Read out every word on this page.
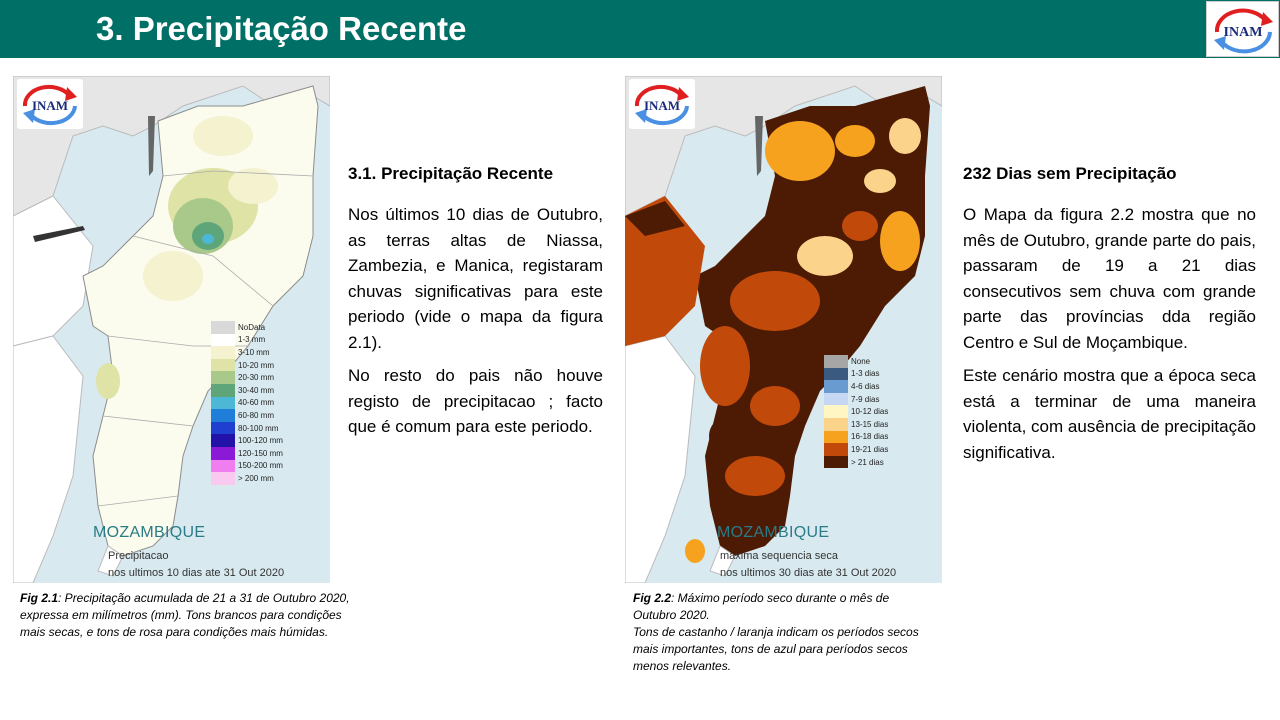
3. Precipitação Recente	INAM
INAM
NoData
1-3 mm
3-10 mm
10-20 mm
20-30 mm
30-40 mm
40-60 mm
60-80 mm
80-100 mm
100-120 mm
120-150 mm
150-200 mm
> 200 mm
MOZAMBIQUE
Precipitacao
nos ultimos 10 dias ate 31 Out 2020
Fig 2.1: Precipitação acumulada de 21 a 31 de Outubro 2020, expressa em milímetros (mm). Tons brancos para condições mais secas, e tons de rosa para condições mais húmidas.
3.1. Precipitação Recente

Nos últimos 10 dias de Outubro, as terras altas de Niassa, Zambezia, e Manica, registaram chuvas significativas para este periodo (vide o mapa da figura 2.1).

No resto do pais não houve registo de precipitacao ; facto que é comum para este periodo.

INAM
None
1-3 dias
4-6 dias
7-9 dias
10-12 dias
13-15 dias
16-18 dias
19-21 dias
> 21 dias
MOZAMBIQUE
maxima sequencia seca
nos ultimos 30 dias ate 31 Out 2020
Fig 2.2: Máximo período seco durante o mês de Outubro 2020.
Tons de castanho / laranja indicam os períodos secos mais importantes, tons de azul para períodos secos menos relevantes.
232 Dias sem Precipitação

O Mapa da figura 2.2 mostra que no mês de Outubro, grande parte do pais, passaram de 19 a 21 dias consecutivos sem chuva com grande parte das províncias dda região Centro e Sul de Moçambique.

Este cenário mostra que a época seca está a terminar de uma maneira violenta, com ausência de precipitação significativa.
